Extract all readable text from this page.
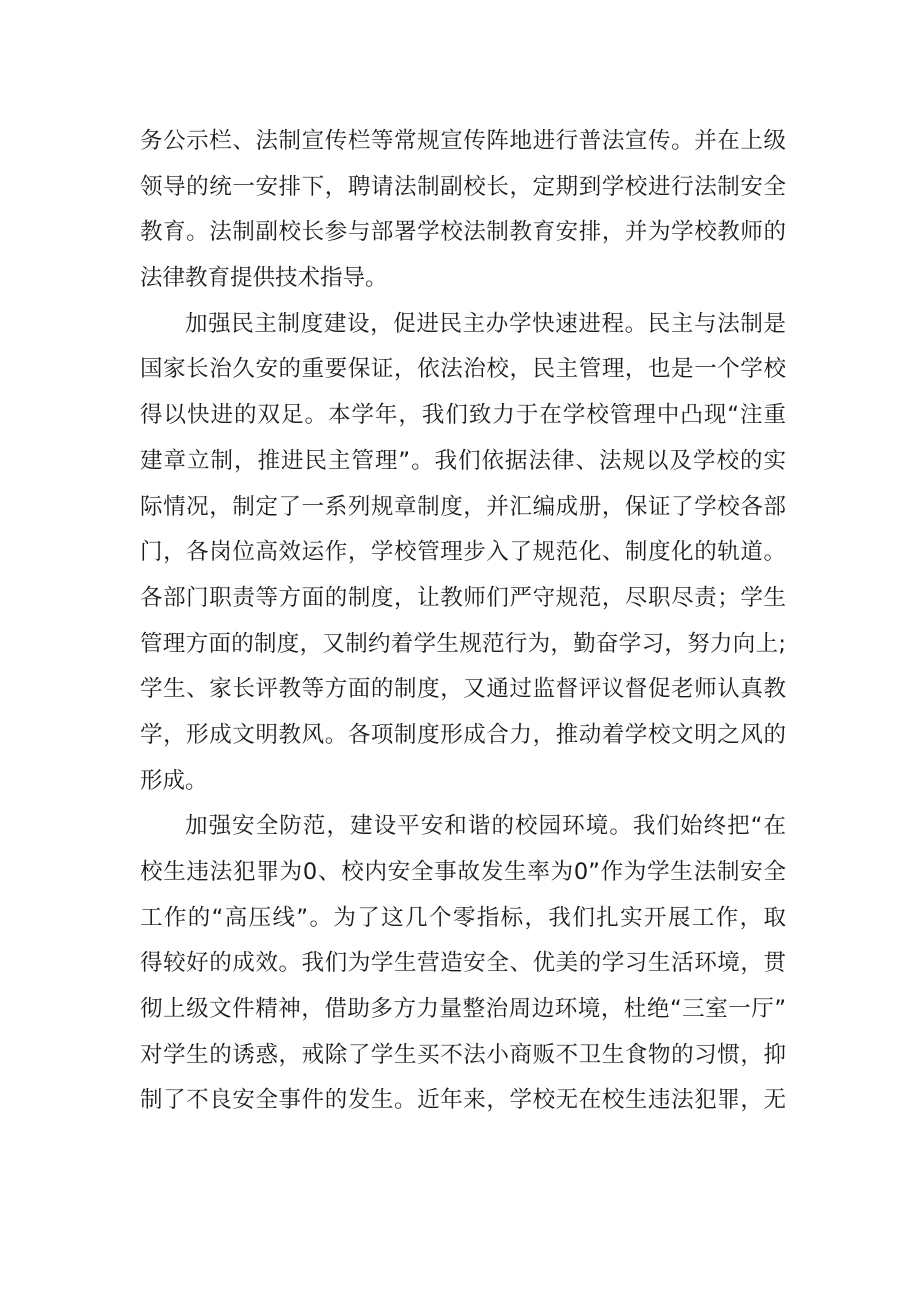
务公示栏、法制宣传栏等常规宣传阵地进行普法宣传。并在上级
领导的统一安排下，聘请法制副校长，定期到学校进行法制安全
教育。法制副校长参与部署学校法制教育安排，并为学校教师的
法律教育提供技术指导。
加强民主制度建设，促进民主办学快速进程。民主与法制是
国家长治久安的重要保证，依法治校，民主管理，也是一个学校
得以快进的双足。本学年，我们致力于在学校管理中凸现“注重
建章立制，推进民主管理”。我们依据法律、法规以及学校的实
际情况，制定了一系列规章制度，并汇编成册，保证了学校各部
门，各岗位高效运作，学校管理步入了规范化、制度化的轨道。
各部门职责等方面的制度，让教师们严守规范，尽职尽责；学生
管理方面的制度，又制约着学生规范行为，勤奋学习，努力向上;
学生、家长评教等方面的制度，又通过监督评议督促老师认真教
学，形成文明教风。各项制度形成合力，推动着学校文明之风的
形成。
加强安全防范，建设平安和谐的校园环境。我们始终把“在
校生违法犯罪为0、校内安全事故发生率为0”作为学生法制安全
工作的“高压线”。为了这几个零指标，我们扎实开展工作，取
得较好的成效。我们为学生营造安全、优美的学习生活环境，贯
彻上级文件精神，借助多方力量整治周边环境，杜绝“三室一厅”
对学生的诱惑，戒除了学生买不法小商贩不卫生食物的习惯，抑
制了不良安全事件的发生。近年来，学校无在校生违法犯罪，无
